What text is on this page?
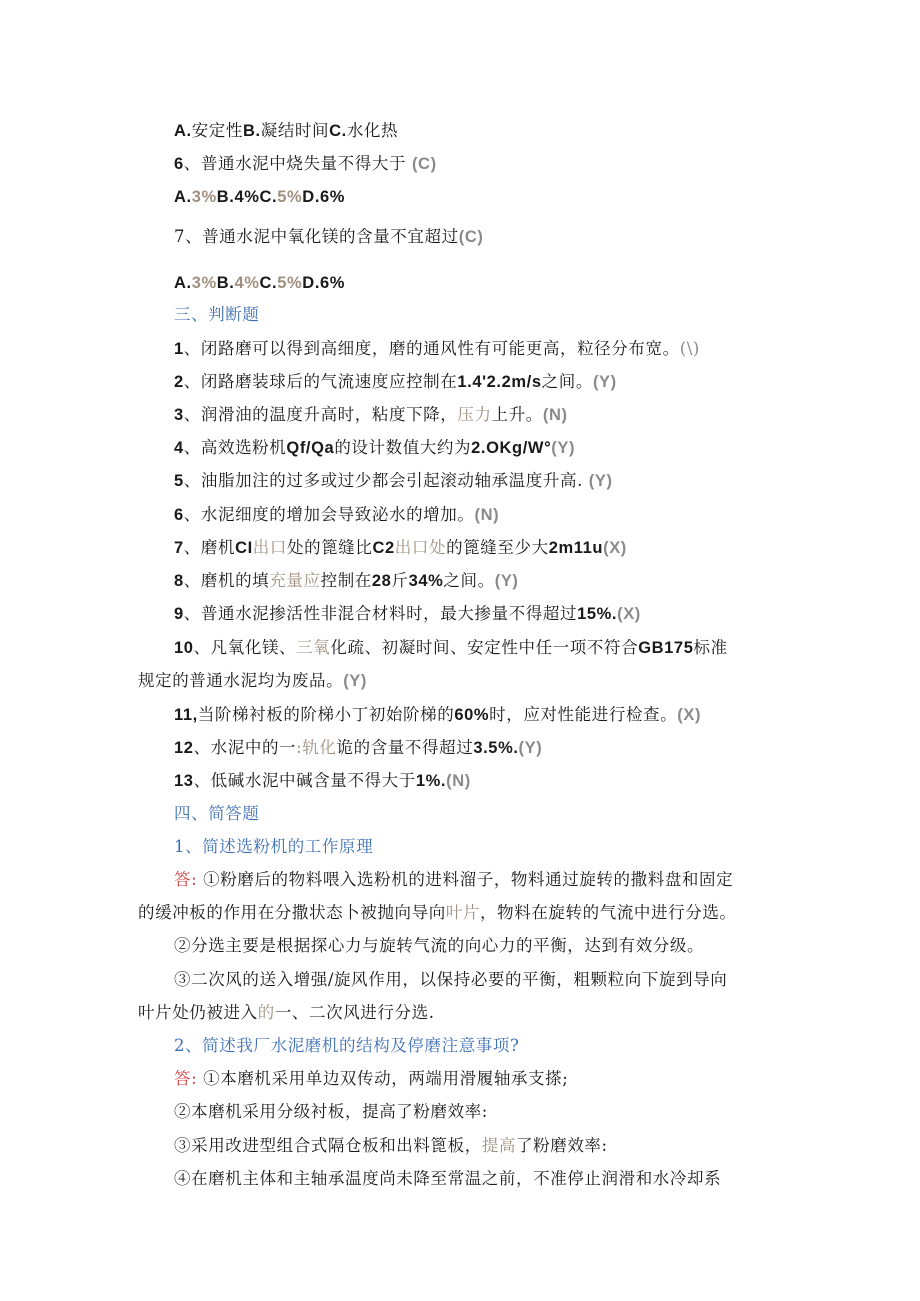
A.安定性B.凝结时间C.水化热
6、普通水泥中烧失量不得大于 (C)
A.3%B.4%C.5%D.6%
7、普通水泥中氧化镁的含量不宜超过(C)
A.3%B.4%C.5%D.6%
三、判断题
1、闭路磨可以得到高细度，磨的通风性有可能更高，粒径分布宽。(\)
2、闭路磨装球后的气流速度应控制在1.4'2.2m/s之间。(Y)
3、润滑油的温度升高时，粘度下降，压力上升。(N)
4、高效选粉机Qf/Qa的设计数值大约为2.OKg/W°(Y)
5、油脂加注的过多或过少都会引起滚动轴承温度升高. (Y)
6、水泥细度的增加会导致泌水的增加。(N)
7、磨机CI出口处的篦缝比C2出口处的篦缝至少大2m11u(X)
8、磨机的填充量应控制在28斤34%之间。(Y)
9、普通水泥掺活性非混合材料时，最大掺量不得超过15%.(X)
10、凡氧化镁、三氧化疏、初凝时间、安定性中任一项不符合GB175标准
规定的普通水泥均为废品。(Y)
11,当阶梯衬板的阶梯小丁初始阶梯的60%时，应对性能进行检查。(X)
12、水泥中的一:轨化诡的含量不得超过3.5%.(Y)
13、低碱水泥中碱含量不得大于1%.(N)
四、简答题
1、简述选粉机的工作原理
答: ①粉磨后的物料喂入选粉机的进料溜子，物料通过旋转的撒料盘和固定
的缓冲板的作用在分撒状态卜被抛向导向叶片，物料在旋转的气流中进行分选。
②分选主要是根据探心力与旋转气流的向心力的平衡，达到有效分级。
③二次风的送入增强/旋风作用，以保持必要的平衡，粗颗粒向下旋到导向
叶片处仍被进入的一、二次风进行分选.
2、简述我厂水泥磨机的结构及停磨注意事项?
答: ①本磨机采用单边双传动，两端用滑履轴承支搽;
②本磨机采用分级衬板，提高了粉磨效率:
③采用改进型组合式隔仓板和出料篦板，提高了粉磨效率:
④在磨机主体和主轴承温度尚未降至常温之前，不准停止润滑和水冷却系
